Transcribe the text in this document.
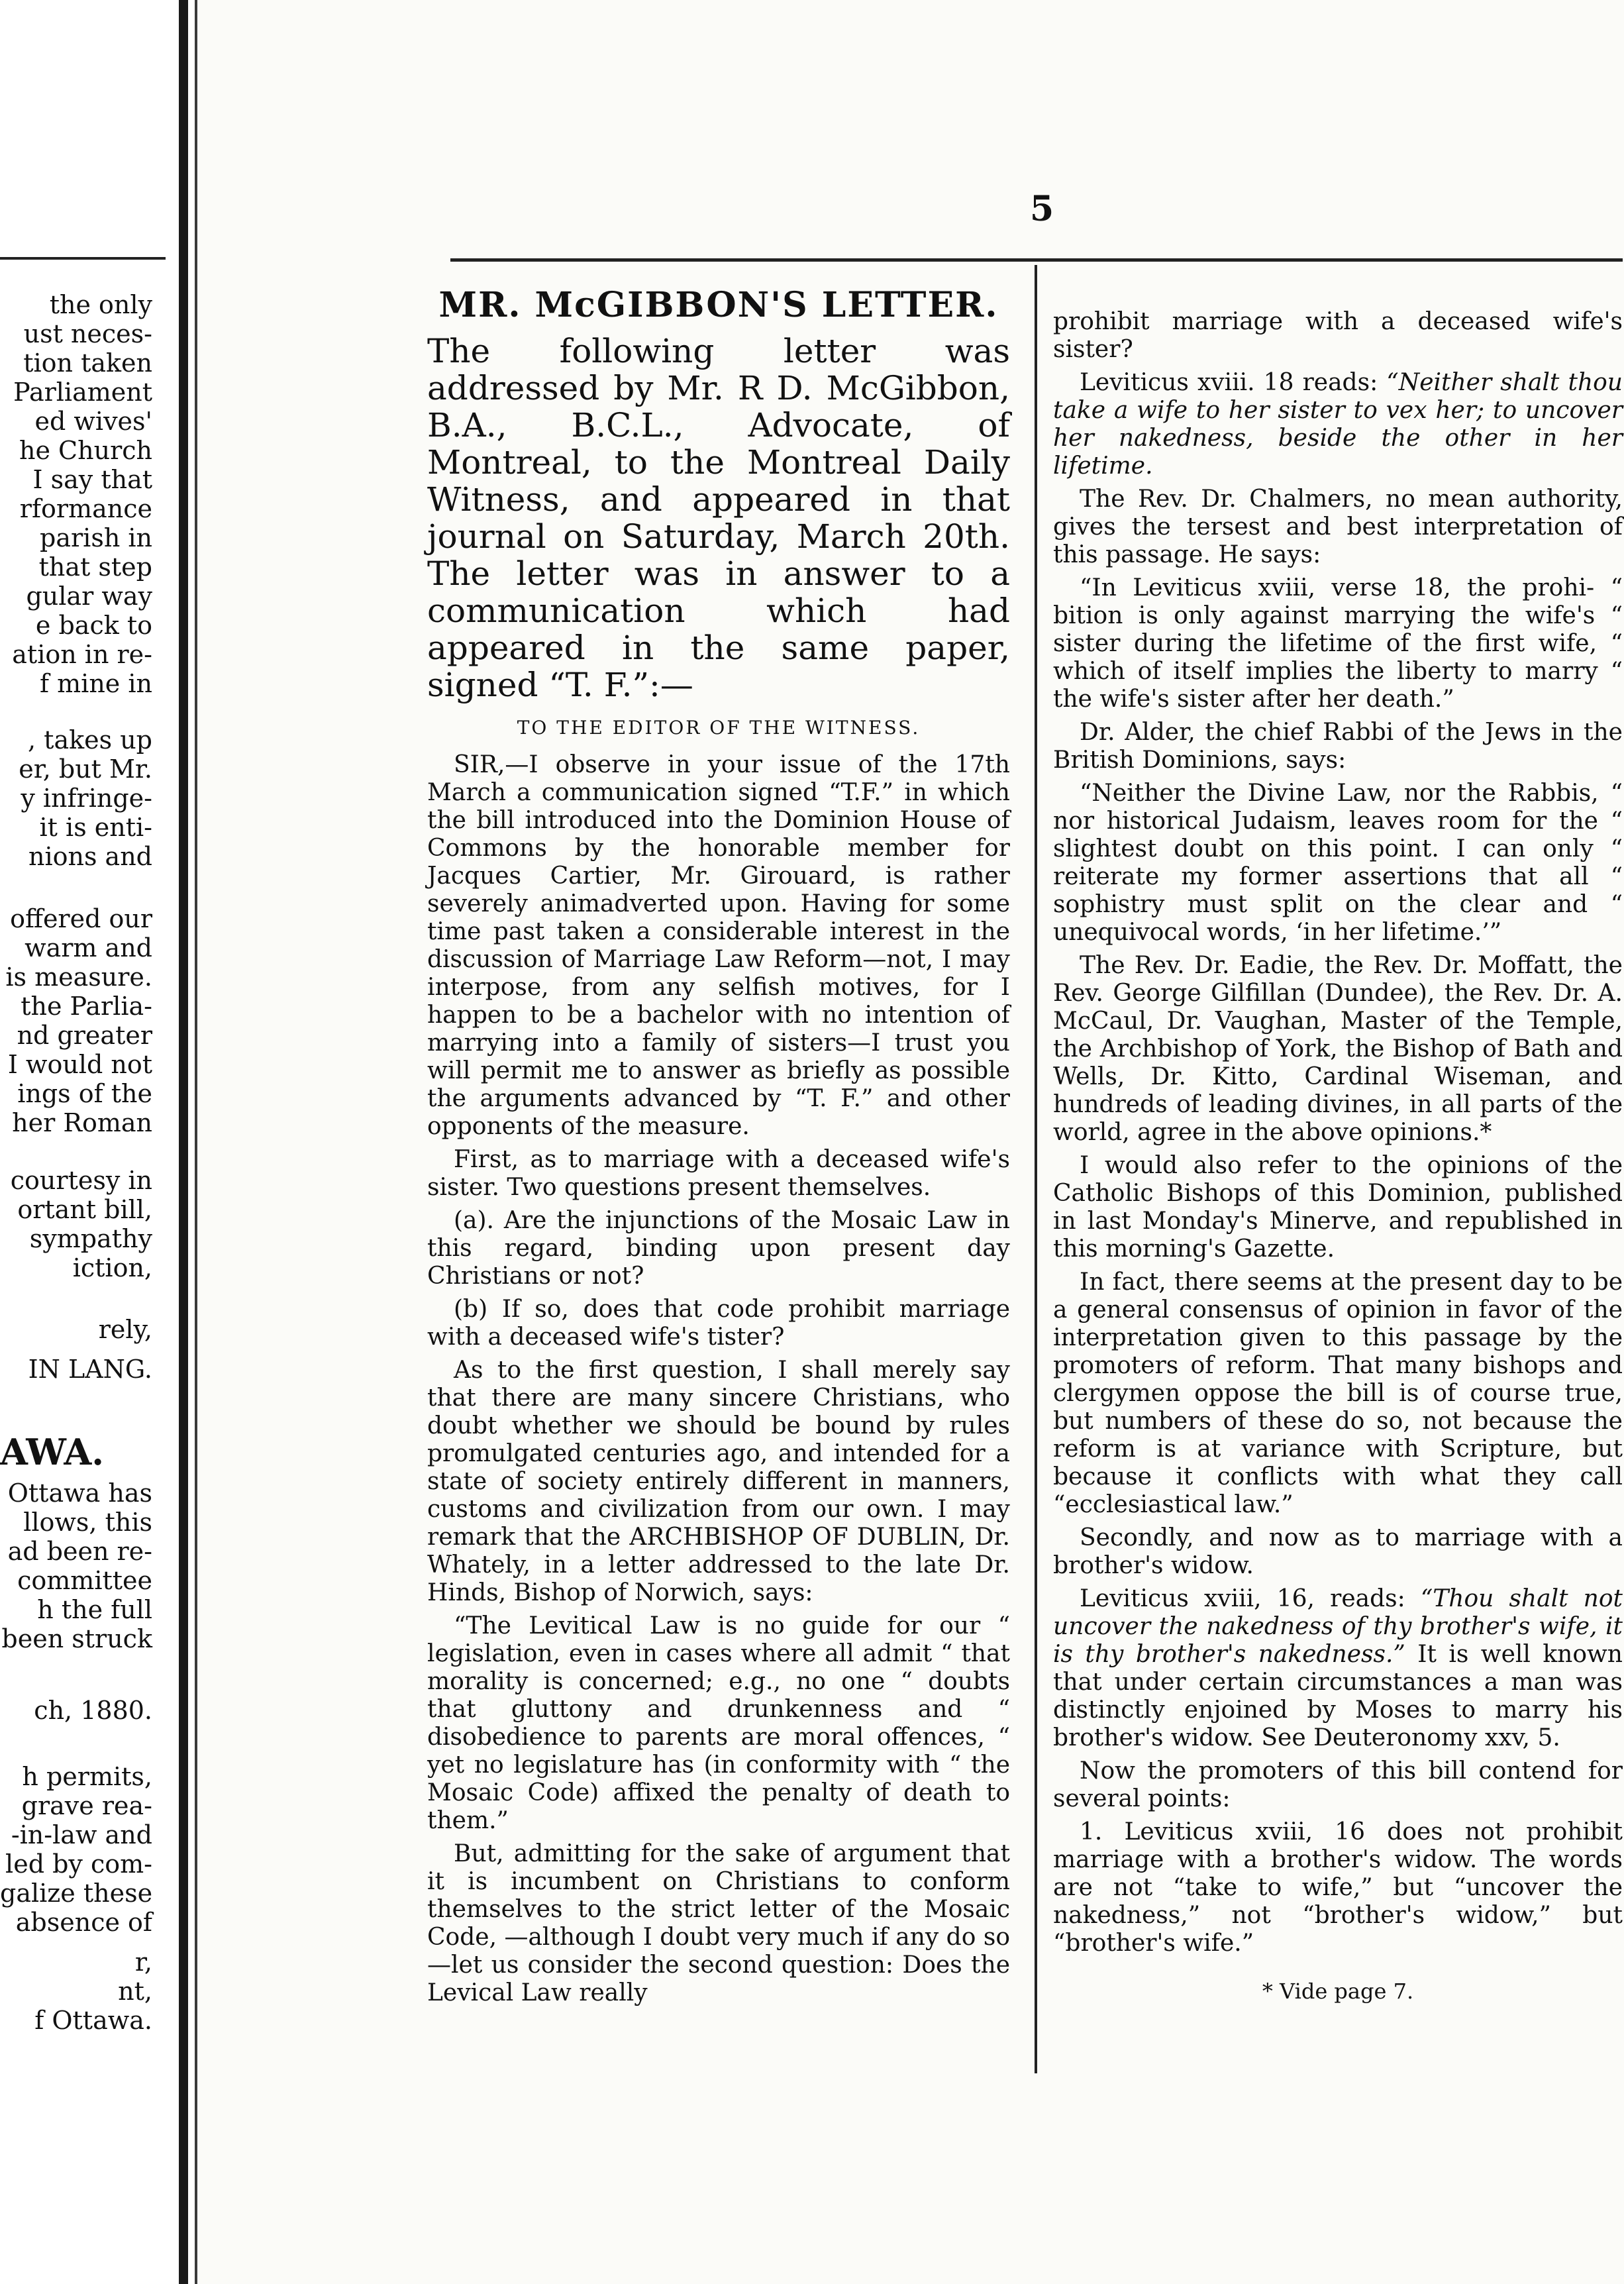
the only
ust neces-
tion taken
Parliament
ed wives'
he Church
I say that
rformance
parish in
that step
gular way
e back to
ation in re-
f mine in
, takes up
er, but Mr.
y infringe-
it is enti-
nions and
offered our
warm and
is measure.
the Parlia-
nd greater
I would not
ings of the
her Roman
courtesy in
ortant bill,
sympathy
iction,
rely,
IN LANG.
Ottawa has
llows, this
ad been re-
committee
h the full
been struck
ch, 1880.
h permits,
grave rea-
-in-law and
led by com-
galize these
absence of
r,
nt,
f Ottawa.
AWA.
5
MR. McGIBBON'S LETTER.
The following letter was addressed by Mr. R D. McGibbon, B.A., B.C.L., Advocate, of Montreal, to the Montreal Daily Witness, and appeared in that journal on Saturday, March 20th. The letter was in answer to a communication which had appeared in the same paper, signed “T. F.”:—
TO THE EDITOR OF THE WITNESS.

SIR,—I observe in your issue of the 17th March a communication signed “T.F.” in which the bill introduced into the Dominion House of Commons by the honorable member for Jacques Cartier, Mr. Girouard, is rather severely animadverted upon. Having for some time past taken a considerable interest in the discussion of Marriage Law Reform—not, I may interpose, from any selfish motives, for I happen to be a bachelor with no intention of marrying into a family of sisters—I trust you will permit me to answer as briefly as possible the arguments advanced by “T. F.” and other opponents of the measure.

First, as to marriage with a deceased wife's sister. Two questions present themselves.

(a). Are the injunctions of the Mosaic Law in this regard, binding upon present day Christians or not?

(b) If so, does that code prohibit marriage with a deceased wife's tister?

As to the first question, I shall merely say that there are many sincere Christians, who doubt whether we should be bound by rules promulgated centuries ago, and intended for a state of society entirely different in manners, customs and civilization from our own. I may remark that the ARCHBISHOP OF DUBLIN, Dr. Whately, in a letter addressed to the late Dr. Hinds, Bishop of Norwich, says:

“The Levitical Law is no guide for our “ legislation, even in cases where all admit “ that morality is concerned; e.g., no one “ doubts that gluttony and drunkenness and “ disobedience to parents are moral offences, “ yet no legislature has (in conformity with “ the Mosaic Code) affixed the penalty of death to them.”

But, admitting for the sake of argument that it is incumbent on Christians to conform themselves to the strict letter of the Mosaic Code, —although I doubt very much if any do so—let us consider the second question: Does the Levical Law really

prohibit marriage with a deceased wife's sister?

Leviticus xviii. 18 reads: “Neither shalt thou take a wife to her sister to vex her; to uncover her nakedness, beside the other in her lifetime.

The Rev. Dr. Chalmers, no mean authority, gives the tersest and best interpretation of this passage. He says:

“In Leviticus xviii, verse 18, the prohi- “ bition is only against marrying the wife's “ sister during the lifetime of the first wife, “ which of itself implies the liberty to marry “ the wife's sister after her death.”

Dr. Alder, the chief Rabbi of the Jews in the British Dominions, says:

“Neither the Divine Law, nor the Rabbis, “ nor historical Judaism, leaves room for the “ slightest doubt on this point. I can only “ reiterate my former assertions that all “ sophistry must split on the clear and “ unequivocal words, ‘in her lifetime.’”

The Rev. Dr. Eadie, the Rev. Dr. Moffatt, the Rev. George Gilfillan (Dundee), the Rev. Dr. A. McCaul, Dr. Vaughan, Master of the Temple, the Archbishop of York, the Bishop of Bath and Wells, Dr. Kitto, Cardinal Wiseman, and hundreds of leading divines, in all parts of the world, agree in the above opinions.*

I would also refer to the opinions of the Catholic Bishops of this Dominion, published in last Monday's Minerve, and republished in this morning's Gazette.

In fact, there seems at the present day to be a general consensus of opinion in favor of the interpretation given to this passage by the promoters of reform. That many bishops and clergymen oppose the bill is of course true, but numbers of these do so, not because the reform is at variance with Scripture, but because it conflicts with what they call “ecclesiastical law.”

Secondly, and now as to marriage with a brother's widow.

Leviticus xviii, 16, reads: “Thou shalt not uncover the nakedness of thy brother's wife, it is thy brother's nakedness.” It is well known that under certain circumstances a man was distinctly enjoined by Moses to marry his brother's widow. See Deuteronomy xxv, 5.

Now the promoters of this bill contend for several points:

1. Leviticus xviii, 16 does not prohibit marriage with a brother's widow. The words are not “take to wife,” but “uncover the nakedness,” not “brother's widow,” but “brother's wife.”

* Vide page 7.
